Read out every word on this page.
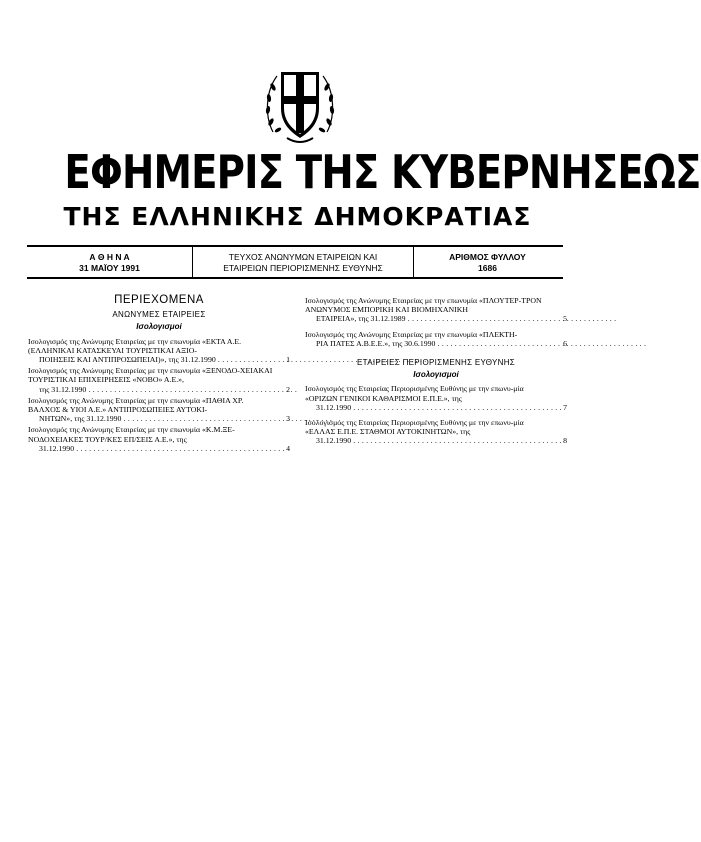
ΕΦΗΜΕΡΙΣ ΤΗΣ ΚΥΒΕΡΝΗΣΕΩΣ
ΤΗΣ ΕΛΛΗΝΙΚΗΣ ΔΗΜΟΚΡΑΤΙΑΣ
Α Θ Η Ν Α
31 ΜΑΪΟΥ 1991
ΤΕΥΧΟΣ ΑΝΩΝΥΜΩΝ ΕΤΑΙΡΕΙΩΝ ΚΑΙ
ΕΤΑΙΡΕΙΩΝ ΠΕΡΙΟΡΙΣΜΕΝΗΣ ΕΥΘΥΝΗΣ
ΑΡΙΘΜΟΣ ΦΥΛΛΟΥ
1686
ΠΕΡΙΕΧΟΜΕΝΑ
ΑΝΩΝΥΜΕΣ ΕΤΑΙΡΕΙΕΣ
Ισολογισμοί
Ισολογισμός της Ανώνυμης Εταιρείας με την επωνυμία «ΕΚΤΑ Α.Ε. (ΕΛΛΗΝΙΚΑΙ ΚΑΤΑΣΚΕΥΑΙ ΤΟΥΡΙΣΤΙΚΑΙ ΑΞΙΟ-
ΠΟΙΗΣΕΙΣ ΚΑΙ ΑΝΤΙΠΡΟΣΩΠΕΙΑΙ)», της 31.12.1990 . . .	1
Ισολογισμός της Ανώνυμης Εταιρείας με την επωνυμία «ΞΕΝΟΔΟ-ΧΕΙΑΚΑΙ ΤΟΥΡΙΣΤΙΚΑΙ ΕΠΙΧΕΙΡΗΣΕΙΣ «ΝΟΒΟ» Α.Ε.»,
της 31.12.1990 . . .	2
Ισολογισμός της Ανώνυμης Εταιρείας με την επωνυμία «ΠΑΘΙΑ ΧΡ. ΒΑΛΧΟΣ & ΥΙΟΙ Α.Ε.» ΑΝΤΙΠΡΟΣΩΠΕΙΕΣ ΑΥΤΟΚΙ-
ΝΗΤΩΝ», της 31.12.1990 . . .	3
Ισολογισμός της Ανώνυμης Εταιρείας με την επωνυμία «Κ.Μ.ΞΕ-ΝΟΔΟΧΕΙΑΚΕΣ ΤΟΥΡ/ΚΕΣ ΕΠ/ΣΕΙΣ Α.Ε.», της
31.12.1990 . . .	4
Ισολογισμός της Ανώνυμης Εταιρείας με την επωνυμία «ΠΛΟΥΤΕΡ-ΤΡΟΝ ΑΝΩΝΥΜΟΣ ΕΜΠΟΡΙΚΗ ΚΑΙ ΒΙΟΜΗΧΑΝΙΚΗ
ΕΤΑΙΡΕΙΑ», της 31.12.1989 . . .	5
Ισολογισμός της Ανώνυμης Εταιρείας με την επωνυμία «ΠΛΕΚΤΗ-
ΡΙΑ ΠΑΤΕΣ Α.Β.Ε.Ε.», της 30.6.1990 . . .	6
ΕΤΑΙΡΕΙΕΣ ΠΕΡΙΟΡΙΣΜΕΝΗΣ ΕΥΘΥΝΗΣ
Ισολογισμοί
Ισολογισμός της Εταιρείας Περιορισμένης Ευθύνης με την επωνυ-μία «ΟΡΙΖΩΝ ΓΕΝΙΚΟΙ ΚΑΘΑΡΙΣΜΟΙ Ε.Π.Ε.», της
31.12.1990 . . .	7
Ισολογισμός της Εταιρείας Περιορισμένης Ευθύνης με την επωνυ-μία «ΕΛΛΑΣ Ε.Π.Ε. ΣΤΑΘΜΟΙ ΑΥΤΟΚΙΝΗΤΩΝ», της
31.12.1990 . . .	8
